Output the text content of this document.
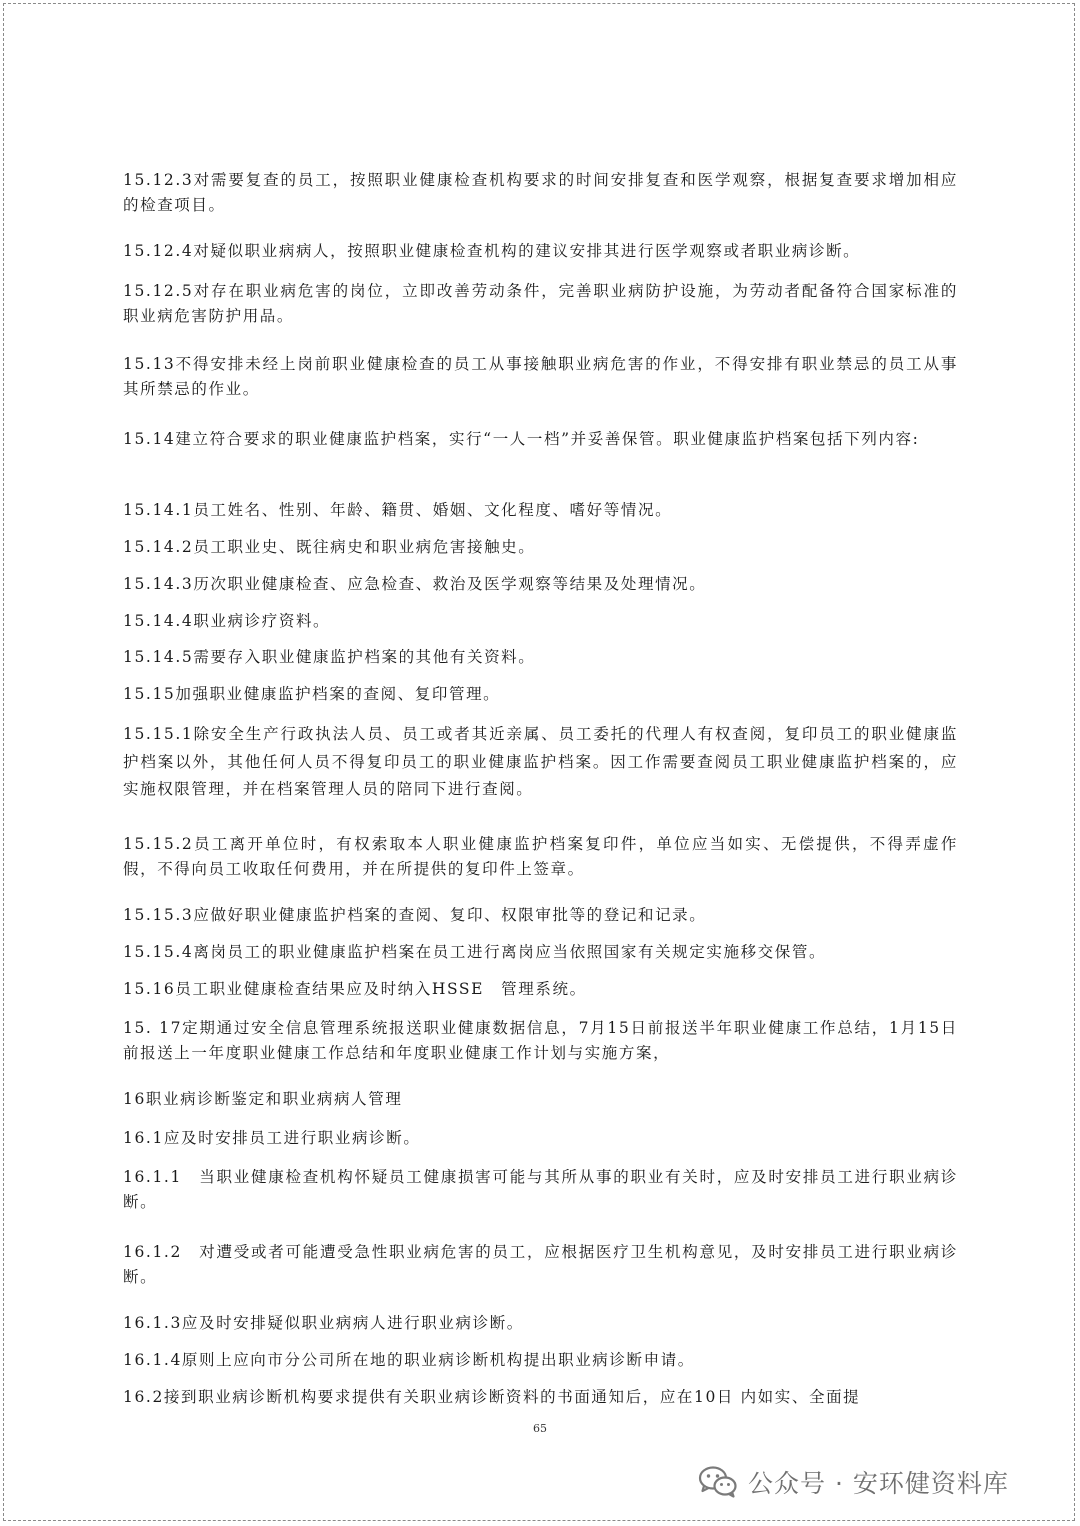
15.12.3对需要复查的员工，按照职业健康检查机构要求的时间安排复查和医学观察，根据复查要求增加相应的检查项目。

15.12.4对疑似职业病病人，按照职业健康检查机构的建议安排其进行医学观察或者职业病诊断。

15.12.5对存在职业病危害的岗位，立即改善劳动条件，完善职业病防护设施，为劳动者配备符合国家标准的职业病危害防护用品。

15.13不得安排未经上岗前职业健康检查的员工从事接触职业病危害的作业，不得安排有职业禁忌的员工从事其所禁忌的作业。

15.14建立符合要求的职业健康监护档案，实行“一人一档”并妥善保管。职业健康监护档案包括下列内容:

15.14.1员工姓名、性别、年龄、籍贯、婚姻、文化程度、嗜好等情况。

15.14.2员工职业史、既往病史和职业病危害接触史。

15.14.3历次职业健康检查、应急检查、救治及医学观察等结果及处理情况。

15.14.4职业病诊疗资料。

15.14.5需要存入职业健康监护档案的其他有关资料。

15.15加强职业健康监护档案的查阅、复印管理。

15.15.1除安全生产行政执法人员、员工或者其近亲属、员工委托的代理人有权查阅，复印员工的职业健康监护档案以外，其他任何人员不得复印员工的职业健康监护档案。因工作需要查阅员工职业健康监护档案的，应实施权限管理，并在档案管理人员的陪同下进行查阅。

15.15.2员工离开单位时，有权索取本人职业健康监护档案复印件，单位应当如实、无偿提供，不得弄虚作假，不得向员工收取任何费用，并在所提供的复印件上签章。

15.15.3应做好职业健康监护档案的查阅、复印、权限审批等的登记和记录。

15.15.4离岗员工的职业健康监护档案在员工进行离岗应当依照国家有关规定实施移交保管。

15.16员工职业健康检查结果应及时纳入HSSE　管理系统。

15. 17定期通过安全信息管理系统报送职业健康数据信息，7月15日前报送半年职业健康工作总结，1月15日前报送上一年度职业健康工作总结和年度职业健康工作计划与实施方案，

16职业病诊断鉴定和职业病病人管理

16.1应及时安排员工进行职业病诊断。

16.1.1　当职业健康检查机构怀疑员工健康损害可能与其所从事的职业有关时，应及时安排员工进行职业病诊断。

16.1.2　对遭受或者可能遭受急性职业病危害的员工，应根据医疗卫生机构意见，及时安排员工进行职业病诊断。

16.1.3应及时安排疑似职业病病人进行职业病诊断。

16.1.4原则上应向市分公司所在地的职业病诊断机构提出职业病诊断申请。

16.2接到职业病诊断机构要求提供有关职业病诊断资料的书面通知后，应在10日 内如实、全面提

65
公众号 · 安环健资料库
